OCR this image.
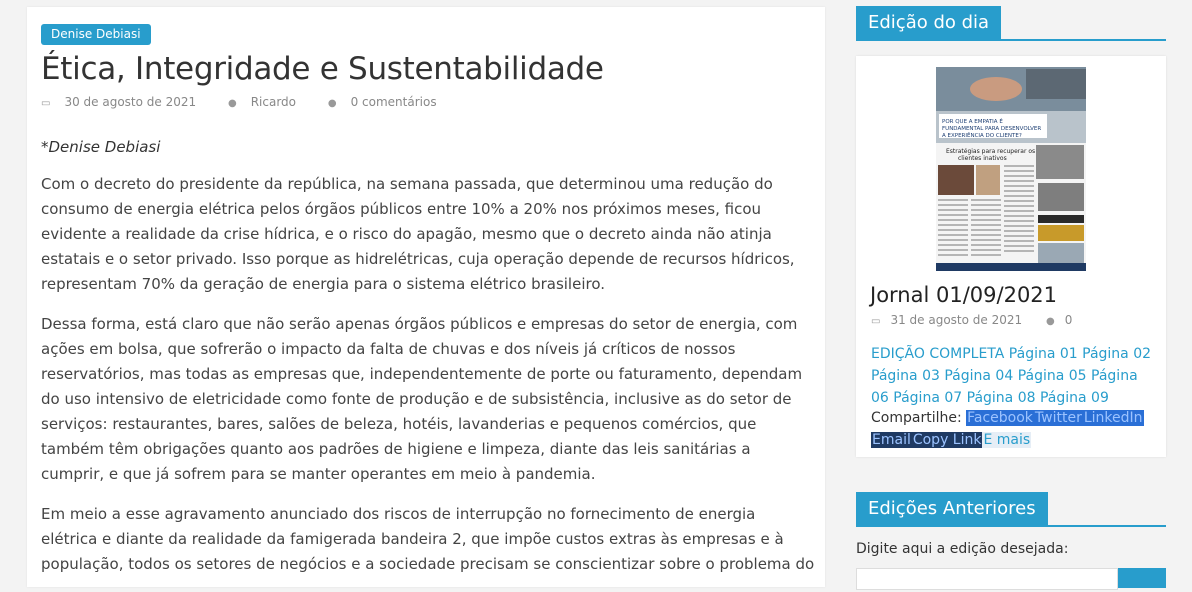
Denise Debiasi
Ética, Integridade e Sustentabilidade
▭ 30 de agosto de 2021	● Ricardo	● 0 comentários

*Denise Debiasi

Com o decreto do presidente da república, na semana passada, que determinou uma redução do consumo de energia elétrica pelos órgãos públicos entre 10% a 20% nos próximos meses, ficou evidente a realidade da crise hídrica, e o risco do apagão, mesmo que o decreto ainda não atinja estatais e o setor privado. Isso porque as hidrelétricas, cuja operação depende de recursos hídricos, representam 70% da geração de energia para o sistema elétrico brasileiro.

Dessa forma, está claro que não serão apenas órgãos públicos e empresas do setor de energia, com ações em bolsa, que sofrerão o impacto da falta de chuvas e dos níveis já críticos de nossos reservatórios, mas todas as empresas que, independentemente de porte ou faturamento, dependam do uso intensivo de eletricidade como fonte de produção e de subsistência, inclusive as do setor de serviços: restaurantes, bares, salões de beleza, hotéis, lavanderias e pequenos comércios, que também têm obrigações quanto aos padrões de higiene e limpeza, diante das leis sanitárias a cumprir, e que já sofrem para se manter operantes em meio à pandemia.

Em meio a esse agravamento anunciado dos riscos de interrupção no fornecimento de energia elétrica e diante da realidade da famigerada bandeira 2, que impõe custos extras às empresas e à população, todos os setores de negócios e a sociedade precisam se conscientizar sobre o problema do

Edição do dia
POR QUE A EMPATIA É
FUNDAMENTAL PARA DESENVOLVER
A EXPERIÊNCIA DO CLIENTE?
Estratégias para recuperar os
clientes inativos
Jornal 01/09/2021
▭ 31 de agosto de 2021 ● 0
EDIÇÃO COMPLETA Página 01 Página 02 Página 03 Página 04 Página 05 Página 06 Página 07 Página 08 Página 09
Compartilhe: Facebook Twitter LinkedIn
Email Copy Link E mais
Edições Anteriores
Digite aqui a edição desejada:
